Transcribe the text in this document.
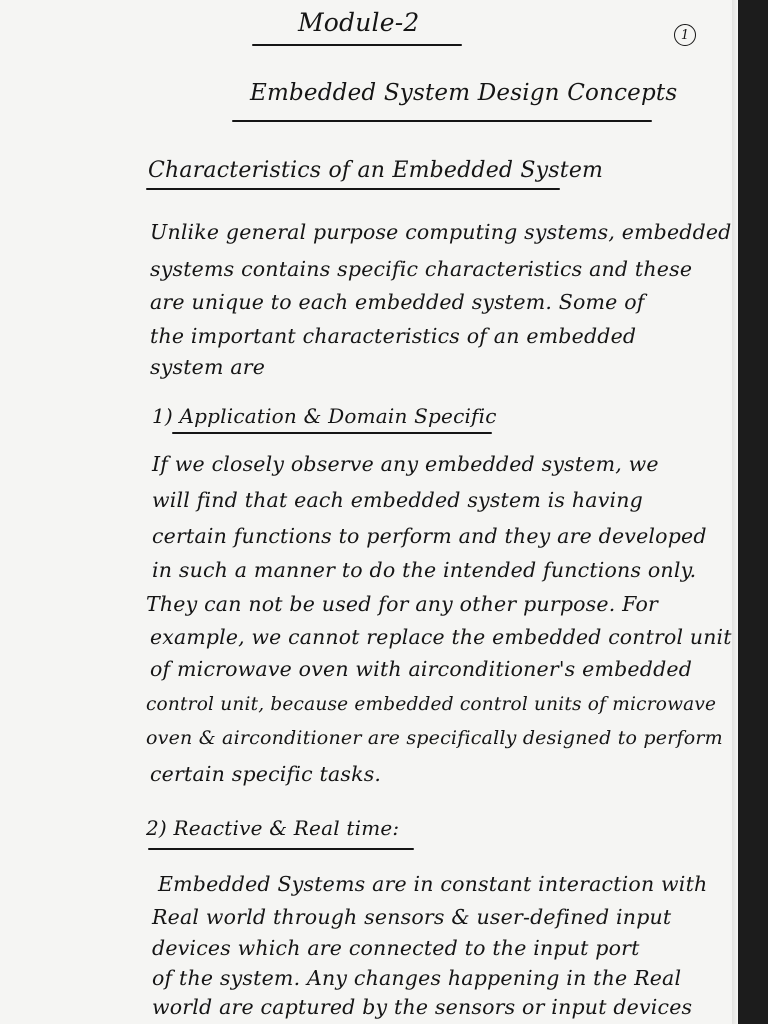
Module-2	1
Embedded System Design Concepts
Characteristics of an Embedded System
Unlike general purpose computing systems, embedded
systems contains specific characteristics and these
are unique to each embedded system. Some of
the important characteristics of an embedded
system are
1) Application & Domain Specific
If we closely observe any embedded system, we
will find that each embedded system is having
certain functions to perform and they are developed
in such a manner to do the intended functions only.
They can not be used for any other purpose. For
example, we cannot replace the embedded control unit
of microwave oven with airconditioner's embedded
control unit, because embedded control units of microwave
oven & airconditioner are specifically designed to perform
certain specific tasks.
2) Reactive & Real time:
Embedded Systems are in constant interaction with
Real world through sensors & user-defined input
devices which are connected to the input port
of the system. Any changes happening in the Real
world are captured by the sensors or input devices
